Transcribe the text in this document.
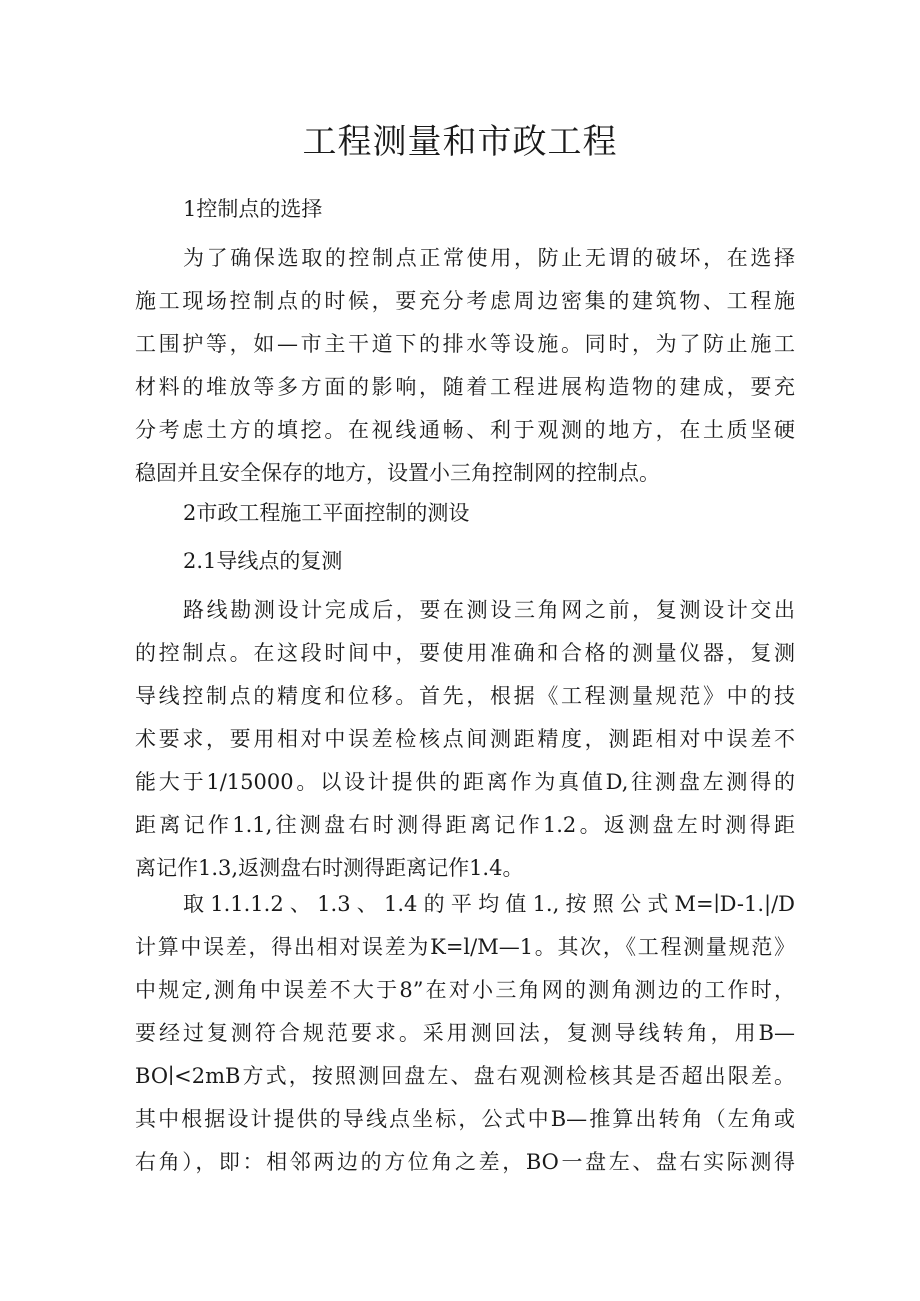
工程测量和市政工程
1控制点的选择
为了确保选取的控制点正常使用，防止无谓的破坏，在选择
施工现场控制点的时候，要充分考虑周边密集的建筑物、工程施
工围护等，如—市主干道下的排水等设施。同时，为了防止施工
材料的堆放等多方面的影响，随着工程进展构造物的建成，要充
分考虑土方的填挖。在视线通畅、利于观测的地方，在土质坚硬
稳固并且安全保存的地方，设置小三角控制网的控制点。
2市政工程施工平面控制的测设
2.1导线点的复测
路线勘测设计完成后，要在测设三角网之前，复测设计交出
的控制点。在这段时间中，要使用准确和合格的测量仪器，复测
导线控制点的精度和位移。首先，根据《工程测量规范》中的技
术要求，要用相对中误差检核点间测距精度，测距相对中误差不
能大于1/15000。以设计提供的距离作为真值D,往测盘左测得的
距离记作1.1,往测盘右时测得距离记作1.2。返测盘左时测得距
离记作1.3,返测盘右时测得距离记作1.4。
取1.1.1.2、1.3、1.4的平均值1.,按照公式M=∣D-1.|/D
计算中误差，得出相对误差为K=l/M—1。其次，《工程测量规范》
中规定,测角中误差不大于8”在对小三角网的测角测边的工作时，
要经过复测符合规范要求。采用测回法，复测导线转角，用B—
BO∣<2mB方式，按照测回盘左、盘右观测检核其是否超出限差。
其中根据设计提供的导线点坐标，公式中B—推算出转角（左角或
右角），即：相邻两边的方位角之差，BO一盘左、盘右实际测得
